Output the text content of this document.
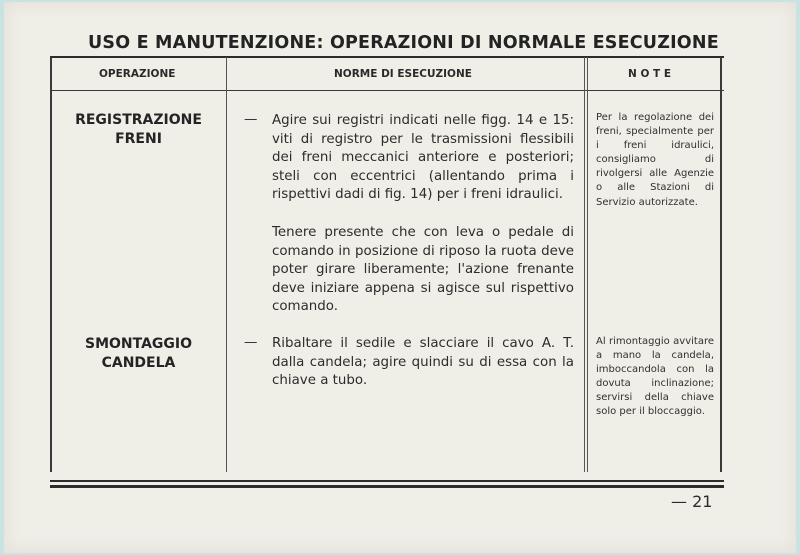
USO E MANUTENZIONE: OPERAZIONI DI NORMALE ESECUZIONE
OPERAZIONE	NORME DI ESECUZIONE	N O T E
REGISTRAZIONE
FRENI
— Agire sui registri indicati nelle figg. 14 e 15: viti di registro per le trasmissioni flessibili dei freni meccanici anteriore e posteriori; steli con eccentrici (allentando prima i rispettivi dadi di fig. 14) per i freni idraulici.
Tenere presente che con leva o pedale di comando in posizione di riposo la ruota deve poter girare liberamente; l'azione frenante deve iniziare appena si agisce sul rispettivo comando.
Per la regolazione dei freni, specialmente per i freni idraulici, consigliamo di rivolgersi alle Agenzie o alle Stazioni di Servizio autorizzate.
SMONTAGGIO
CANDELA
— Ribaltare il sedile e slacciare il cavo A. T. dalla candela; agire quindi su di essa con la chiave a tubo.
Al rimontaggio avvitare a mano la candela, imboccandola con la dovuta inclinazione; servirsi della chiave solo per il bloccaggio.
— 21
